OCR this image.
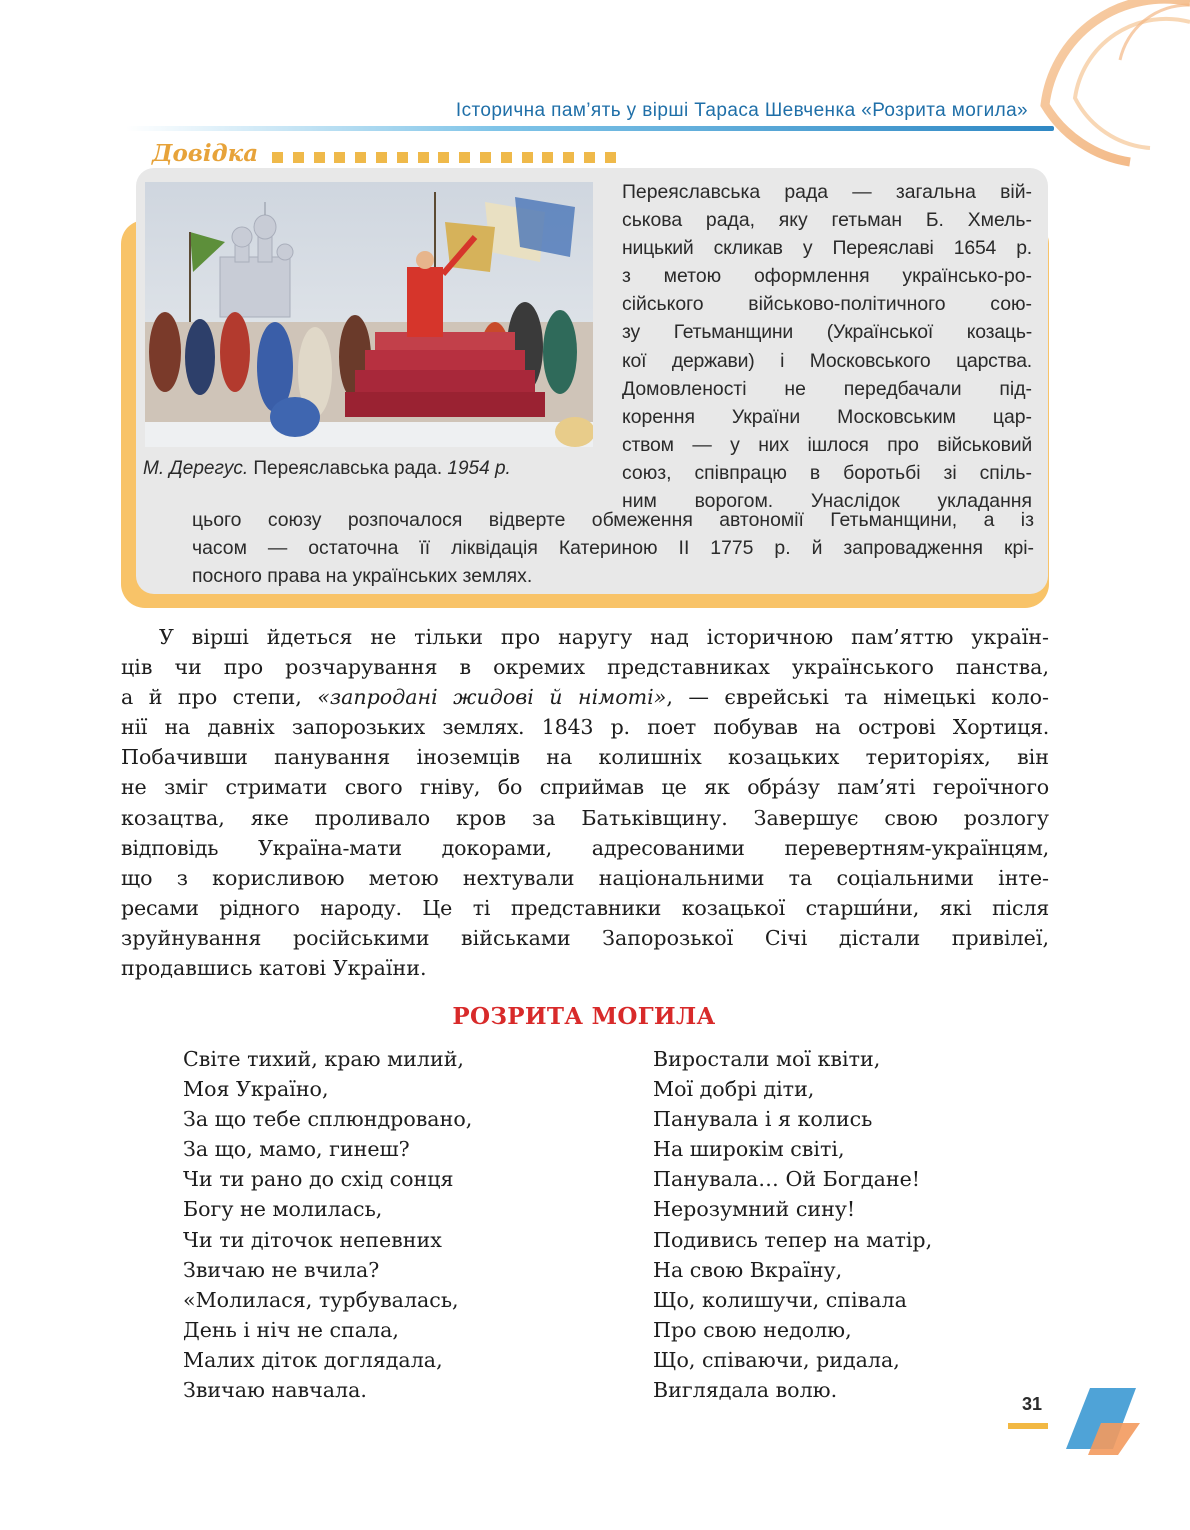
Історична пам’ять у вірші Тараса Шевченка «Розрита могила»
Довідка
М. Дерегус. Переяславська рада. 1954 р.
Переяславська рада — загальна вій-
ськова рада, яку гетьман Б. Хмель-
ницький скликав у Переяславі 1654 р.
з метою оформлення українсько-ро-
сійського військово-політичного сою-
зу Гетьманщини (Української козаць-
кої держави) і Московського царства.
Домовленості не передбачали під-
корення України Московським цар-
ством — у них ішлося про військовий
союз, співпрацю в боротьбі зі спіль-
ним ворогом. Унаслідок укладання
цього союзу розпочалося відверте обмеження автономії Гетьманщини, а із
часом — остаточна її ліквідація Катериною ІІ 1775 р. й запровадження крі-
посного права на українських землях.
У вірші йдеться не тільки про наругу над історичною пам’яттю україн-
ців чи про розчарування в окремих представниках українського панства,
а й про степи, «запродані жидові й німоті», — єврейські та німецькі коло-
нії на давніх запорозьких землях. 1843 р. поет побував на острові Хортиця.
Побачивши панування іноземців на колишніх козацьких територіях, він
не зміг стримати свого гніву, бо сприймав це як обра́зу пам’яті героїчного
козацтва, яке проливало кров за Батьківщину. Завершує свою розлогу
відповідь Україна-мати докорами, адресованими перевертням-українцям,
що з корисливою метою нехтували національними та соціальними інте-
ресами рідного народу. Це ті представники козацької старши́ни, які після
зруйнування російськими військами Запорозької Січі дістали привілеї,
продавшись катові України.
РОЗРИТА МОГИЛА
Світе тихий, краю милий,
Моя Україно,
За що тебе сплюндровано,
За що, мамо, гинеш?
Чи ти рано до схід сонця
Богу не молилась,
Чи ти діточок непевних
Звичаю не вчила?
«Молилася, турбувалась,
День і ніч не спала,
Малих діток доглядала,
Звичаю навчала.
Виростали мої квіти,
Мої добрі діти,
Панувала і я колись
На широкім світі,
Панувала… Ой Богдане!
Нерозумний сину!
Подивись тепер на матір,
На свою Вкраїну,
Що, колишучи, співала
Про свою недолю,
Що, співаючи, ридала,
Виглядала волю.
31
